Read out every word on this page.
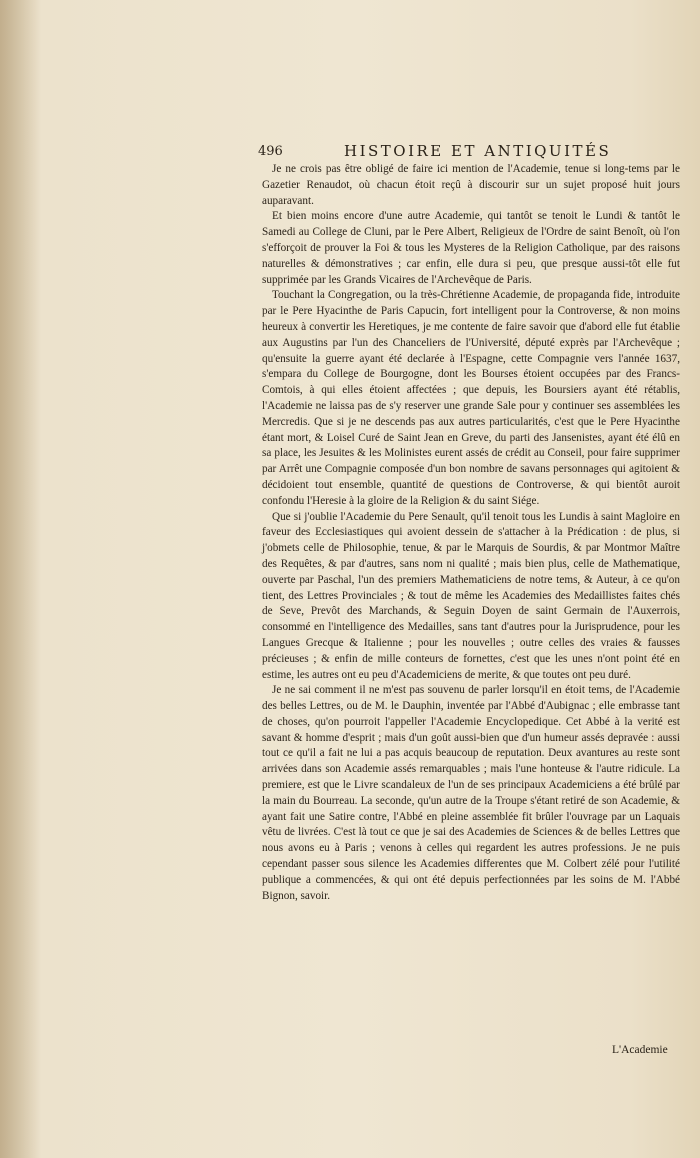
496	HISTOIRE ET ANTIQUITÉS

Je ne crois pas être obligé de faire ici mention de l'Academie, tenue si long-tems par le Gazetier Renaudot, où chacun étoit reçû à discourir sur un sujet proposé huit jours auparavant.

Et bien moins encore d'une autre Academie, qui tantôt se tenoit le Lundi & tantôt le Samedi au College de Cluni, par le Pere Albert, Religieux de l'Ordre de saint Benoît, où l'on s'efforçoit de prouver la Foi & tous les Mysteres de la Religion Catholique, par des raisons naturelles & démonstratives ; car enfin, elle dura si peu, que presque aussi-tôt elle fut supprimée par les Grands Vicaires de l'Archevêque de Paris.

Touchant la Congregation, ou la très-Chrétienne Academie, de propaganda fide, introduite par le Pere Hyacinthe de Paris Capucin, fort intelligent pour la Controverse, & non moins heureux à convertir les Heretiques, je me contente de faire savoir que d'abord elle fut établie aux Augustins par l'un des Chanceliers de l'Université, député exprès par l'Archevêque ; qu'ensuite la guerre ayant été declarée à l'Espagne, cette Compagnie vers l'année 1637, s'empara du College de Bourgogne, dont les Bourses étoient occupées par des Francs-Comtois, à qui elles étoient affectées ; que depuis, les Boursiers ayant été rétablis, l'Academie ne laissa pas de s'y reserver une grande Sale pour y continuer ses assemblées les Mercredis. Que si je ne descends pas aux autres particularités, c'est que le Pere Hyacinthe étant mort, & Loisel Curé de Saint Jean en Greve, du parti des Jansenistes, ayant été élû en sa place, les Jesuites & les Molinistes eurent assés de crédit au Conseil, pour faire supprimer par Arrêt une Compagnie composée d'un bon nombre de savans personnages qui agitoient & décidoient tout ensemble, quantité de questions de Controverse, & qui bientôt auroit confondu l'Heresie à la gloire de la Religion & du saint Siége.

Que si j'oublie l'Academie du Pere Senault, qu'il tenoit tous les Lundis à saint Magloire en faveur des Ecclesiastiques qui avoient dessein de s'attacher à la Prédication : de plus, si j'obmets celle de Philosophie, tenue, & par le Marquis de Sourdis, & par Montmor Maître des Requêtes, & par d'autres, sans nom ni qualité ; mais bien plus, celle de Mathematique, ouverte par Paschal, l'un des premiers Mathematiciens de notre tems, & Auteur, à ce qu'on tient, des Lettres Provinciales ; & tout de même les Academies des Medaillistes faites chés de Seve, Prevôt des Marchands, & Seguin Doyen de saint Germain de l'Auxerrois, consommé en l'intelligence des Medailles, sans tant d'autres pour la Jurisprudence, pour les Langues Grecque & Italienne ; pour les nouvelles ; outre celles des vraies & fausses précieuses ; & enfin de mille conteurs de fornettes, c'est que les unes n'ont point été en estime, les autres ont eu peu d'Academiciens de merite, & que toutes ont peu duré.

Je ne sai comment il ne m'est pas souvenu de parler lorsqu'il en étoit tems, de l'Academie des belles Lettres, ou de M. le Dauphin, inventée par l'Abbé d'Aubignac ; elle embrasse tant de choses, qu'on pourroit l'appeller l'Academie Encyclopedique. Cet Abbé à la verité est savant & homme d'esprit ; mais d'un goût aussi-bien que d'un humeur assés depravée : aussi tout ce qu'il a fait ne lui a pas acquis beaucoup de reputation. Deux avantures au reste sont arrivées dans son Academie assés remarquables ; mais l'une honteuse & l'autre ridicule. La premiere, est que le Livre scandaleux de l'un de ses principaux Academiciens a été brûlé par la main du Bourreau. La seconde, qu'un autre de la Troupe s'étant retiré de son Academie, & ayant fait une Satire contre, l'Abbé en pleine assemblée fit brûler l'ouvrage par un Laquais vêtu de livrées. C'est là tout ce que je sai des Academies de Sciences & de belles Lettres que nous avons eu à Paris ; venons à celles qui regardent les autres professions. Je ne puis cependant passer sous silence les Academies differentes que M. Colbert zélé pour l'utilité publique a commencées, & qui ont été depuis perfectionnées par les soins de M. l'Abbé Bignon, savoir.

L'Academie
